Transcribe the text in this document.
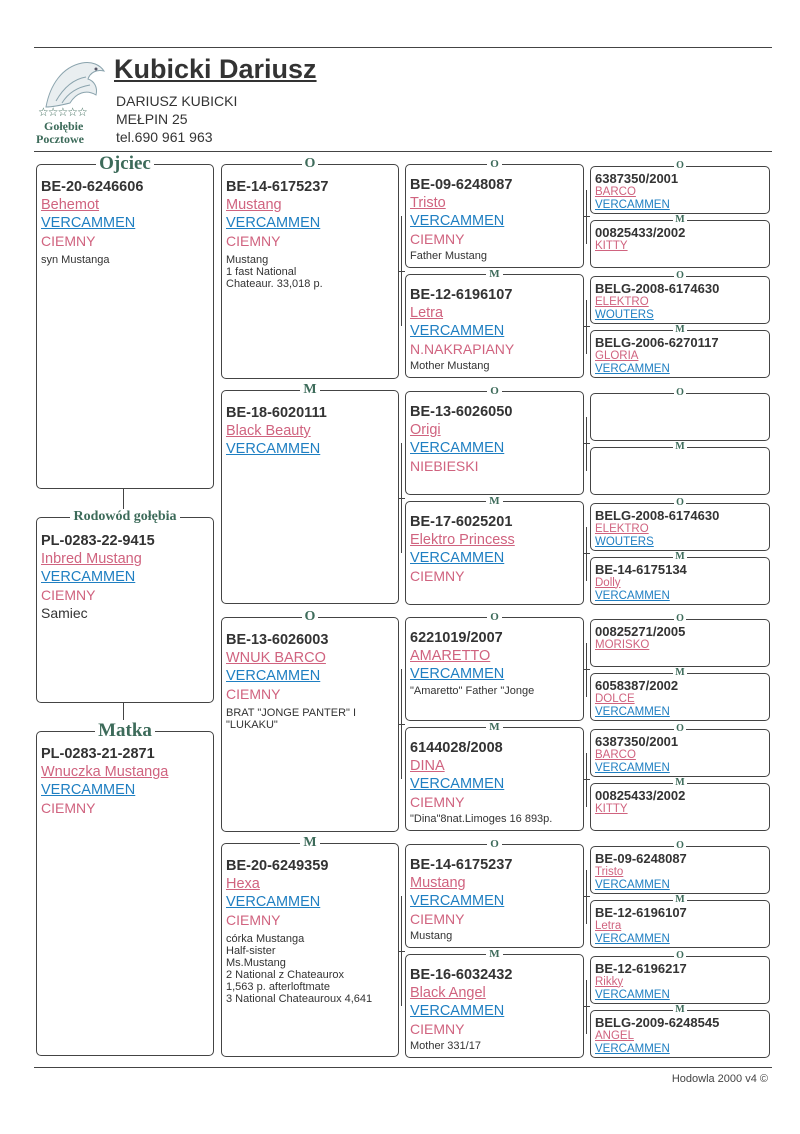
☆☆☆☆☆
Gołębie
Pocztowe
Kubicki Dariusz
DARIUSZ KUBICKI
MEŁPIN 25
tel.690 961 963
Ojciec
BE-20-6246606
Behemot
VERCAMMEN
CIEMNY
syn Mustanga
Rodowód gołębia
PL-0283-22-9415
Inbred Mustang
VERCAMMEN
CIEMNY
Samiec
Matka
PL-0283-21-2871
Wnuczka Mustanga
VERCAMMEN
CIEMNY
O
BE-14-6175237
Mustang
VERCAMMEN
CIEMNY
Mustang
1 fast National
Chateaur. 33,018 p.
M
BE-18-6020111
Black Beauty
VERCAMMEN
O
BE-13-6026003
WNUK BARCO
VERCAMMEN
CIEMNY
BRAT "JONGE PANTER" I
"LUKAKU"
M
BE-20-6249359
Hexa
VERCAMMEN
CIEMNY
córka Mustanga
Half-sister
Ms.Mustang
2 National z Chateaurox
1,563 p. afterloftmate
3 National Chateauroux 4,641
O
BE-09-6248087
Tristo
VERCAMMEN
CIEMNY
Father Mustang
M
BE-12-6196107
Letra
VERCAMMEN
N.NAKRAPIANY
Mother Mustang
O
BE-13-6026050
Origi
VERCAMMEN
NIEBIESKI
M
BE-17-6025201
Elektro Princess
VERCAMMEN
CIEMNY
O
6221019/2007
AMARETTO
VERCAMMEN
"Amaretto" Father "Jonge
M
6144028/2008
DINA
VERCAMMEN
CIEMNY
"Dina"8nat.Limoges 16 893p.
O
BE-14-6175237
Mustang
VERCAMMEN
CIEMNY
Mustang
M
BE-16-6032432
Black Angel
VERCAMMEN
CIEMNY
Mother 331/17
O
6387350/2001
BARCO
VERCAMMEN
M
00825433/2002
KITTY
O
BELG-2008-6174630
ELEKTRO
WOUTERS
M
BELG-2006-6270117
GLORIA
VERCAMMEN
O
M
O
BELG-2008-6174630
ELEKTRO
WOUTERS
M
BE-14-6175134
Dolly
VERCAMMEN
O
00825271/2005
MORISKO
M
6058387/2002
DOLCE
VERCAMMEN
O
6387350/2001
BARCO
VERCAMMEN
M
00825433/2002
KITTY
O
BE-09-6248087
Tristo
VERCAMMEN
M
BE-12-6196107
Letra
VERCAMMEN
O
BE-12-6196217
Rikky
VERCAMMEN
M
BELG-2009-6248545
ANGEL
VERCAMMEN
Hodowla 2000 v4 ©
